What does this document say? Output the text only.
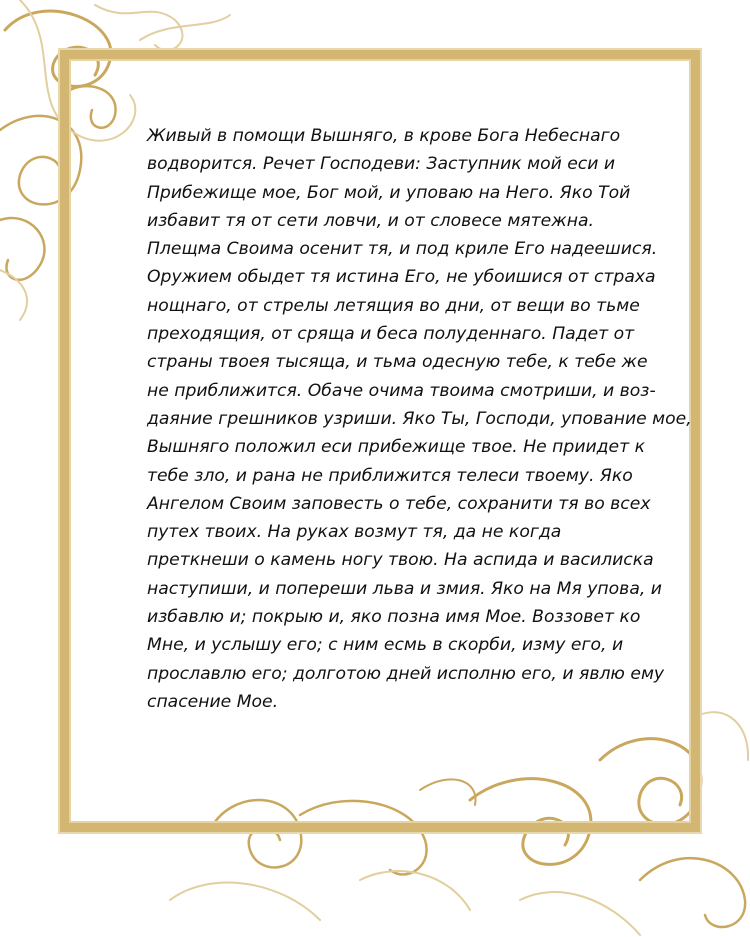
Живый в помощи Вышняго, в крове Бога Небеснаго
водворится. Речет Господеви: Заступник мой еси и
Прибежище мое, Бог мой, и уповаю на Него. Яко Той
избавит тя от сети ловчи, и от словесе мятежна.
Плещма Своима осенит тя, и под криле Его надеешися.
Оружием обыдет тя истина Его, не убоишися от страха
нощнаго, от стрелы летящия во дни, от вещи во тьме
преходящия, от сряща и беса полуденнаго. Падет от
страны твоея тысяща, и тьма одесную тебе, к тебе же
не приближится. Обаче очима твоима смотриши, и воз-
даяние грешников узриши. Яко Ты, Господи, упование мое,
Вышняго положил еси прибежище твое. Не приидет к
тебе зло, и рана не приближится телеси твоему. Яко
Ангелом Своим заповесть о тебе, сохранити тя во всех
путех твоих. На руках возмут тя, да не когда
преткнеши о камень ногу твою. На аспида и василиска
наступиши, и попереши льва и змия. Яко на Мя упова, и
избавлю и; покрыю и, яко позна имя Мое. Воззовет ко
Мне, и услышу его; с ним есмь в скорби, изму его, и
прославлю его; долготою дней исполню его, и явлю ему
спасение Мое.
